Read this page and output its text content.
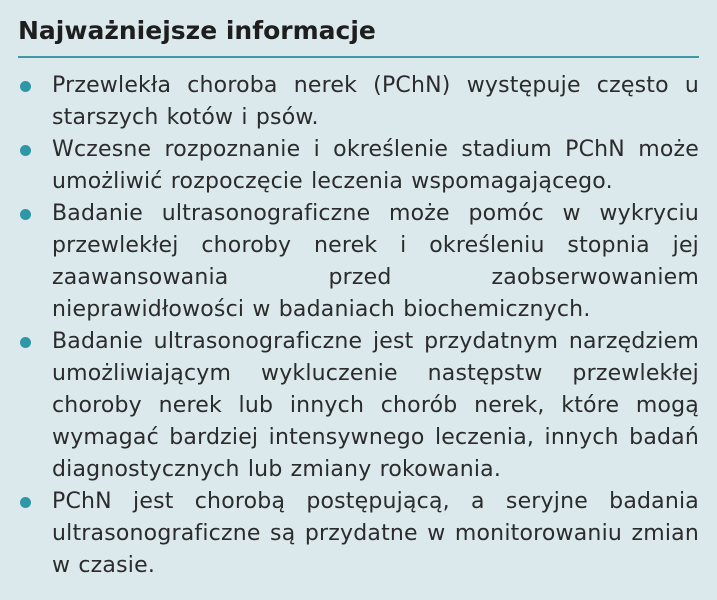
Najważniejsze informacje
Przewlekła choroba nerek (PChN) występuje często u starszych kotów i psów.
Wczesne rozpoznanie i określenie stadium PChN może umożliwić rozpoczęcie leczenia wspomagającego.
Badanie ultrasonograficzne może pomóc w wykryciu przewlekłej choroby nerek i określeniu stopnia jej zaawansowania przed zaobserwowaniem nieprawidłowości w badaniach biochemicznych.
Badanie ultrasonograficzne jest przydatnym narzędziem umożliwiającym wykluczenie następstw przewlekłej choroby nerek lub innych chorób nerek, które mogą wymagać bardziej intensywnego leczenia, innych badań diagnostycznych lub zmiany rokowania.
PChN jest chorobą postępującą, a seryjne badania ultrasonograficzne są przydatne w monitorowaniu zmian w czasie.
